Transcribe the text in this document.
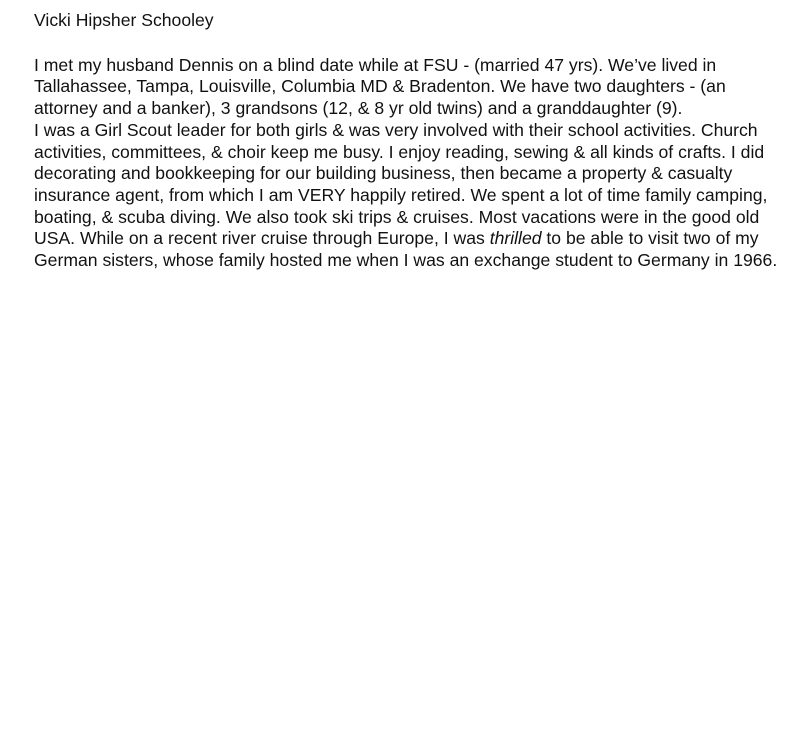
Vicki Hipsher Schooley

I met my husband Dennis on a blind date while at FSU - (married 47 yrs). We’ve lived in Tallahassee, Tampa, Louisville, Columbia MD & Bradenton. We have two daughters - (an attorney and a banker), 3 grandsons (12, & 8 yr old twins) and a granddaughter (9).

I was a Girl Scout leader for both girls & was very involved with their school activities. Church activities, committees, & choir keep me busy. I enjoy reading, sewing & all kinds of crafts. I did decorating and bookkeeping for our building business, then became a property & casualty insurance agent, from which I am VERY happily retired. We spent a lot of time family camping, boating, & scuba diving. We also took ski trips & cruises. Most vacations were in the good old USA. While on a recent river cruise through Europe, I was thrilled to be able to visit two of my German sisters, whose family hosted me when I was an exchange student to Germany in 1966.
